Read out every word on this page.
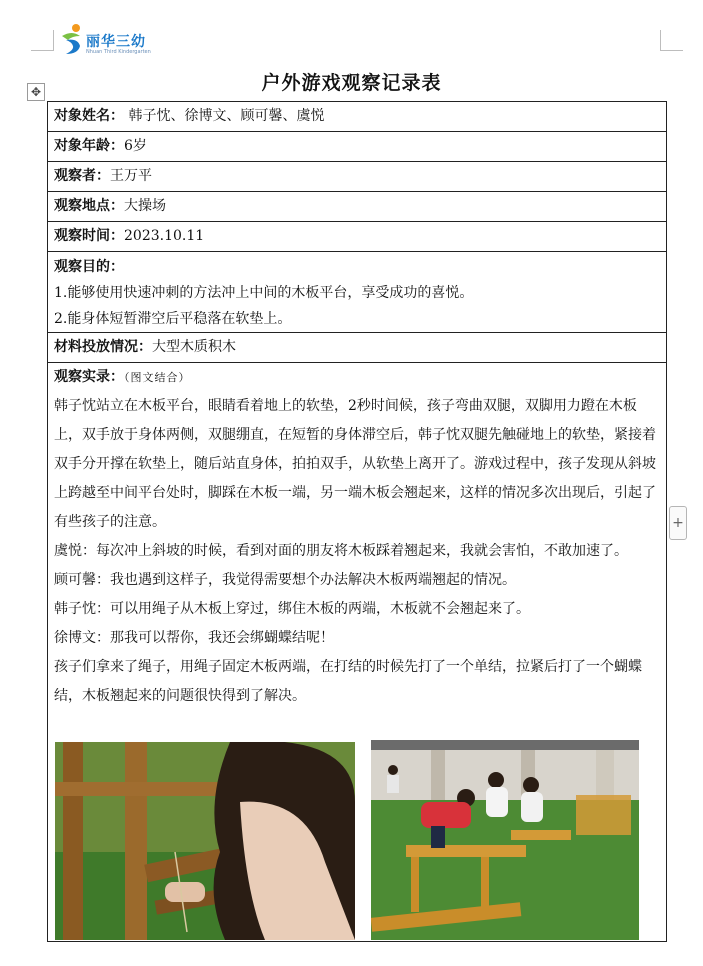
丽华三幼
Nhuan Third Kindergarten
✥
+
户外游戏观察记录表
对象姓名： 韩子忱、徐博文、顾可馨、虞悦
对象年龄：6岁
观察者：王万平
观察地点：大操场
观察时间：2023.10.11
观察目的：
1.能够使用快速冲刺的方法冲上中间的木板平台，享受成功的喜悦。
2.能身体短暂滞空后平稳落在软垫上。
材料投放情况：大型木质积木
观察实录：（图文结合）
韩子忱站立在木板平台，眼睛看着地上的软垫，2秒时间候，孩子弯曲双腿，双脚用力蹬在木板上，双手放于身体两侧，双腿绷直，在短暂的身体滞空后，韩子忱双腿先触碰地上的软垫，紧接着双手分开撑在软垫上，随后站直身体，拍拍双手，从软垫上离开了。游戏过程中，孩子发现从斜坡上跨越至中间平台处时，脚踩在木板一端，另一端木板会翘起来，这样的情况多次出现后，引起了有些孩子的注意。
虞悦：每次冲上斜坡的时候，看到对面的朋友将木板踩着翘起来，我就会害怕，不敢加速了。
顾可馨：我也遇到这样子，我觉得需要想个办法解决木板两端翘起的情况。
韩子忱：可以用绳子从木板上穿过，绑住木板的两端，木板就不会翘起来了。
徐博文：那我可以帮你，我还会绑蝴蝶结呢！
孩子们拿来了绳子，用绳子固定木板两端，在打结的时候先打了一个单结，拉紧后打了一个蝴蝶结，木板翘起来的问题很快得到了解决。
